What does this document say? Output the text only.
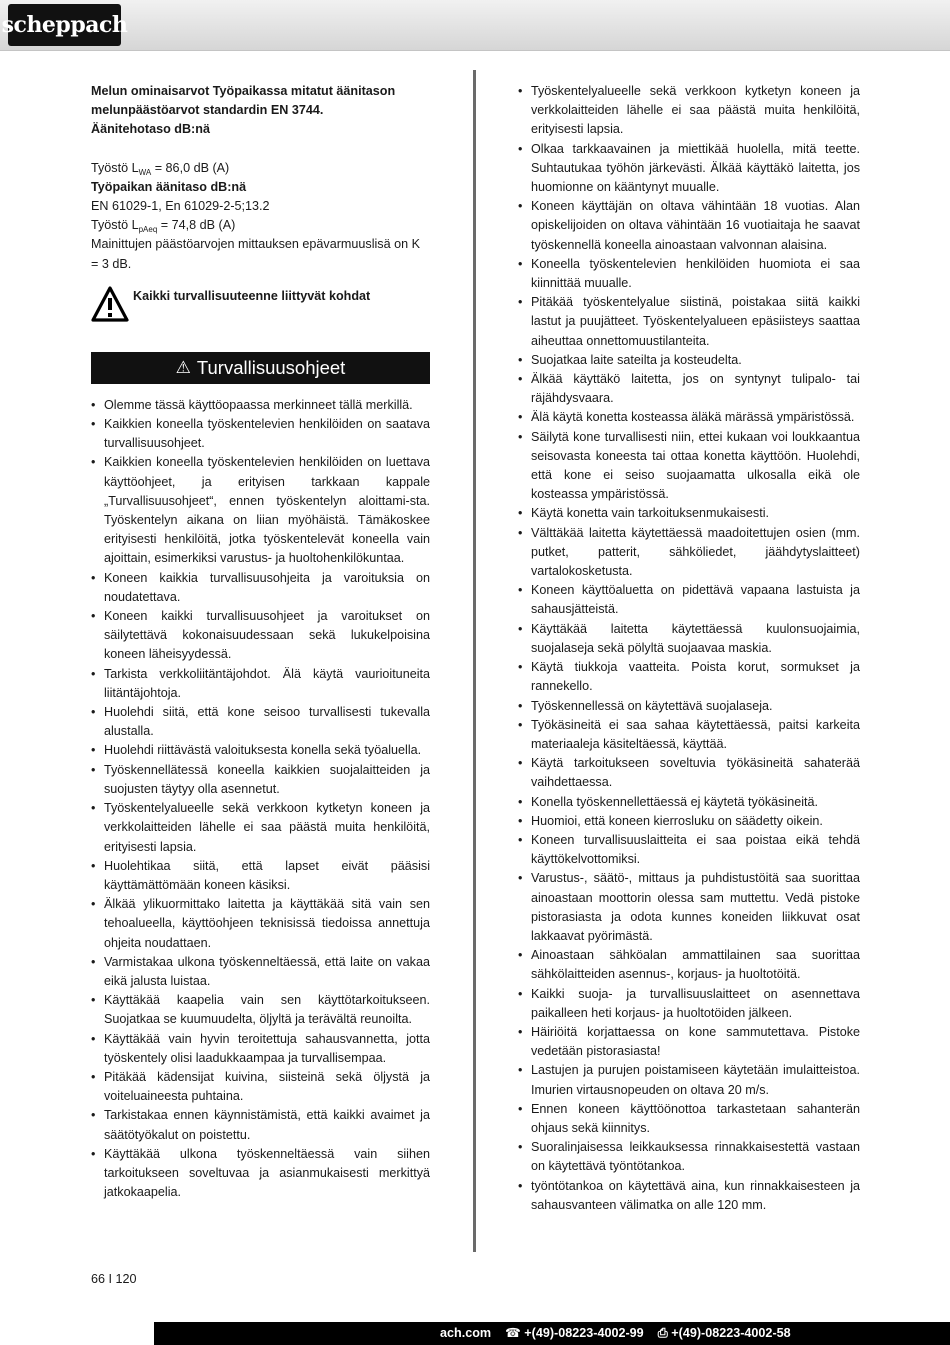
scheppach

Melun ominaisarvot Työpaikassa mitatut äänitason

melunpäästöarvot standardin EN 3744.

Äänitehotaso dB:nä

Työstö $L_{WA} = 86,0$ dB (A)

Työpaikan äänitaso dB:nä

EN 61029-1, En 61029-2-5;13.2

Työstö $L_{pAeq} = 74,8$ dB (A)

Mainittujen päästöarvojen mittauksen epävarmuuslisä on K = 3 dB.

Kaikki turvallisuuteenne liittyvät kohdat
⚠ Turvallisuusohjeet
• Olemme tässä käyttöopaassa merkinneet tällä merkillä.
• Kaikkien koneella työskentelevien henkilöiden on saatava turvallisuusohjeet.
• Kaikkien koneella työskentelevien henkilöiden on luettava käyttöohjeet, ja erityisen tarkkaan kappale „Turvallisuusohjeet“, ennen työskentelyn aloittami-sta. Työskentelyn aikana on liian myöhäistä. Tämäkoskee erityisesti henkilöitä, jotka työskentelevät koneella vain ajoittain, esimerkiksi varustus- ja huoltohenkilökuntaa.
• Koneen kaikkia turvallisuusohjeita ja varoituksia on noudatettava.
• Koneen kaikki turvallisuusohjeet ja varoitukset on säilytettävä kokonaisuudessaan sekä lukukelpoisina koneen läheisyydessä.
• Tarkista verkkoliitäntäjohdot. Älä käytä vaurioituneita liitäntäjohtoja.
• Huolehdi siitä, että kone seisoo turvallisesti tukevalla alustalla.
• Huolehdi riittävästä valoituksesta konella sekä työaluella.
• Työskennellätessä koneella kaikkien suojalaitteiden ja suojusten täytyy olla asennetut.
• Työskentelyalueelle sekä verkkoon kytketyn koneen ja verkkolaitteiden lähelle ei saa päästä muita henkilöitä, erityisesti lapsia.
• Huolehtikaa siitä, että lapset eivät pääsisi käyttämättömään koneen käsiksi.
• Älkää ylikuormittako laitetta ja käyttäkää sitä vain sen tehoalueella, käyttöohjeen teknisissä tiedoissa annettuja ohjeita noudattaen.
• Varmistakaa ulkona työskenneltäessä, että laite on vakaa eikä jalusta luistaa.
• Käyttäkää kaapelia vain sen käyttötarkoitukseen. Suojatkaa se kuumuudelta, öljyltä ja terävältä reunoilta.
• Käyttäkää vain hyvin teroitettuja sahausvannetta, jotta työskentely olisi laadukkaampaa ja turvallisempaa.
• Pitäkää kädensijat kuivina, siisteinä sekä öljystä ja voiteluaineesta puhtaina.
• Tarkistakaa ennen käynnistämistä, että kaikki avaimet ja säätötyökalut on poistettu.
• Käyttäkää ulkona työskenneltäessä vain siihen tarkoitukseen soveltuvaa ja asianmukaisesti merkittyä jatkokaapelia.
• Työskentelyalueelle sekä verkkoon kytketyn koneen ja verkkolaitteiden lähelle ei saa päästä muita henkilöitä, erityisesti lapsia.
• Olkaa tarkkaavainen ja miettikää huolella, mitä teette. Suhtautukaa työhön järkevästi. Älkää käyttäkö laitetta, jos huomionne on kääntynyt muualle.
• Koneen käyttäjän on oltava vähintään 18 vuotias. Alan opiskelijoiden on oltava vähintään 16 vuotiaitaja he saavat työskennellä koneella ainoastaan valvonnan alaisina.
• Koneella työskentelevien henkilöiden huomiota ei saa kiinnittää muualle.
• Pitäkää työskentelyalue siistinä, poistakaa siitä kaikki lastut ja puujätteet. Työskentelyalueen epäsiisteys saattaa aiheuttaa onnettomuustilanteita.
• Suojatkaa laite sateilta ja kosteudelta.
• Älkää käyttäkö laitetta, jos on syntynyt tulipalo- tai räjähdysvaara.
• Älä käytä konetta kosteassa äläkä märässä ympäristössä.
• Säilytä kone turvallisesti niin, ettei kukaan voi loukkaantua seisovasta koneesta tai ottaa konetta käyttöön. Huolehdi, että kone ei seiso suojaamatta ulkosalla eikä ole kosteassa ympäristössä.
• Käytä konetta vain tarkoituksenmukaisesti.
• Välttäkää laitetta käytettäessä maadoitettujen osien (mm. putket, patterit, sähköliedet, jäähdytyslaitteet) vartalokosketusta.
• Koneen käyttöaluetta on pidettävä vapaana lastuista ja sahausjätteistä.
• Käyttäkää laitetta käytettäessä kuulonsuojaimia, suojalaseja sekä pölyltä suojaavaa maskia.
• Käytä tiukkoja vaatteita. Poista korut, sormukset ja rannekello.
• Työskennellessä on käytettävä suojalaseja.
• Työkäsineitä ei saa sahaa käytettäessä, paitsi karkeita materiaaleja käsiteltäessä, käyttää.
• Käytä tarkoitukseen soveltuvia työkäsineitä sahaterää vaihdettaessa.
• Konella työskennellettäessä ej käytetä työkäsineitä.
• Huomioi, että koneen kierrosluku on säädetty oikein.
• Koneen turvallisuuslaitteita ei saa poistaa eikä tehdä käyttökelvottomiksi.
• Varustus-, säätö-, mittaus ja puhdistustöitä saa suorittaa ainoastaan moottorin olessa sam muttettu. Vedä pistoke pistorasiasta ja odota kunnes koneiden liikkuvat osat lakkaavat pyörimästä.
• Ainoastaan sähköalan ammattilainen saa suorittaa sähkölaitteiden asennus-, korjaus- ja huoltotöitä.
• Kaikki suoja- ja turvallisuuslaitteet on asennettava paikalleen heti korjaus- ja huoltotöiden jälkeen.
• Häiriöitä korjattaessa on kone sammutettava. Pistoke vedetään pistorasiasta!
• Lastujen ja purujen poistamiseen käytetään imulaitteistoa. Imurien virtausnopeuden on oltava 20 m/s.
• Ennen koneen käyttöönottoa tarkastetaan sahanterän ohjaus sekä kiinnitys.
• Suoralinjaisessa leikkauksessa rinnakkaisestettä vastaan on käytettävä työntötankoa.
• työntötankoa on käytettävä aina, kun rinnakkaisesteen ja sahausvanteen välimatka on alle 120 mm.
66 I 120
ach.com ☎ +(49)-08223-4002-99 ⎙ +(49)-08223-4002-58
